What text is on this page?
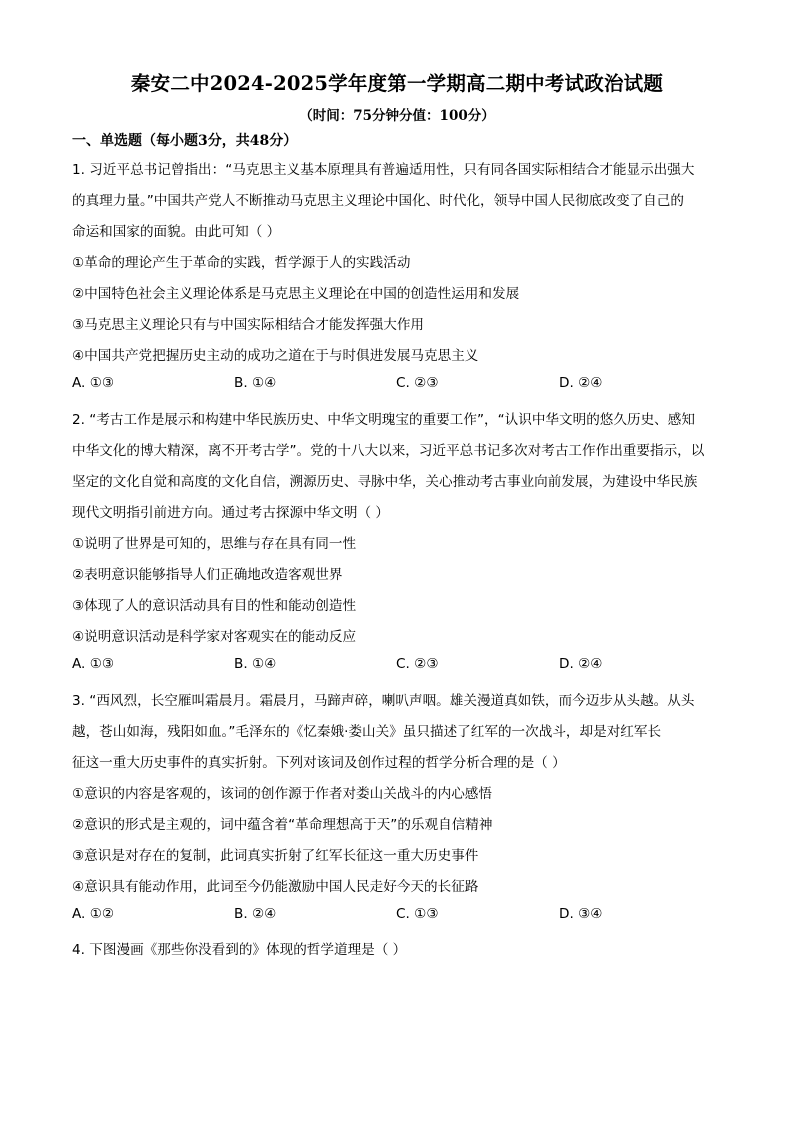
秦安二中2024-2025学年度第一学期高二期中考试政治试题
（时间：75分钟分值：100分）
一、单选题（每小题3分，共48分）
1. 习近平总书记曾指出：“马克思主义基本原理具有普遍适用性，只有同各国实际相结合才能显示出强大
的真理力量。”中国共产党人不断推动马克思主义理论中国化、时代化，领导中国人民彻底改变了自己的
命运和国家的面貌。由此可知（ ）
①革命的理论产生于革命的实践，哲学源于人的实践活动
②中国特色社会主义理论体系是马克思主义理论在中国的创造性运用和发展
③马克思主义理论只有与中国实际相结合才能发挥强大作用
④中国共产党把握历史主动的成功之道在于与时俱进发展马克思主义
A. ①③	B. ①④	C. ②③	D. ②④
2. “考古工作是展示和构建中华民族历史、中华文明瑰宝的重要工作”，“认识中华文明的悠久历史、感知
中华文化的博大精深，离不开考古学”。党的十八大以来，习近平总书记多次对考古工作作出重要指示，以
坚定的文化自觉和高度的文化自信，溯源历史、寻脉中华，关心推动考古事业向前发展，为建设中华民族
现代文明指引前进方向。通过考古探源中华文明（ ）
①说明了世界是可知的，思维与存在具有同一性
②表明意识能够指导人们正确地改造客观世界
③体现了人的意识活动具有目的性和能动创造性
④说明意识活动是科学家对客观实在的能动反应
A. ①③	B. ①④	C. ②③	D. ②④
3. “西风烈，长空雁叫霜晨月。霜晨月，马蹄声碎，喇叭声咽。雄关漫道真如铁，而今迈步从头越。从头
越，苍山如海，残阳如血。”毛泽东的《忆秦娥·娄山关》虽只描述了红军的一次战斗，却是对红军长
征这一重大历史事件的真实折射。下列对该词及创作过程的哲学分析合理的是（ ）
①意识的内容是客观的，该词的创作源于作者对娄山关战斗的内心感悟
②意识的形式是主观的，词中蕴含着“革命理想高于天”的乐观自信精神
③意识是对存在的复制，此词真实折射了红军长征这一重大历史事件
④意识具有能动作用，此词至今仍能激励中国人民走好今天的长征路
A. ①②	B. ②④	C. ①③	D. ③④
4. 下图漫画《那些你没看到的》体现的哲学道理是（ ）
